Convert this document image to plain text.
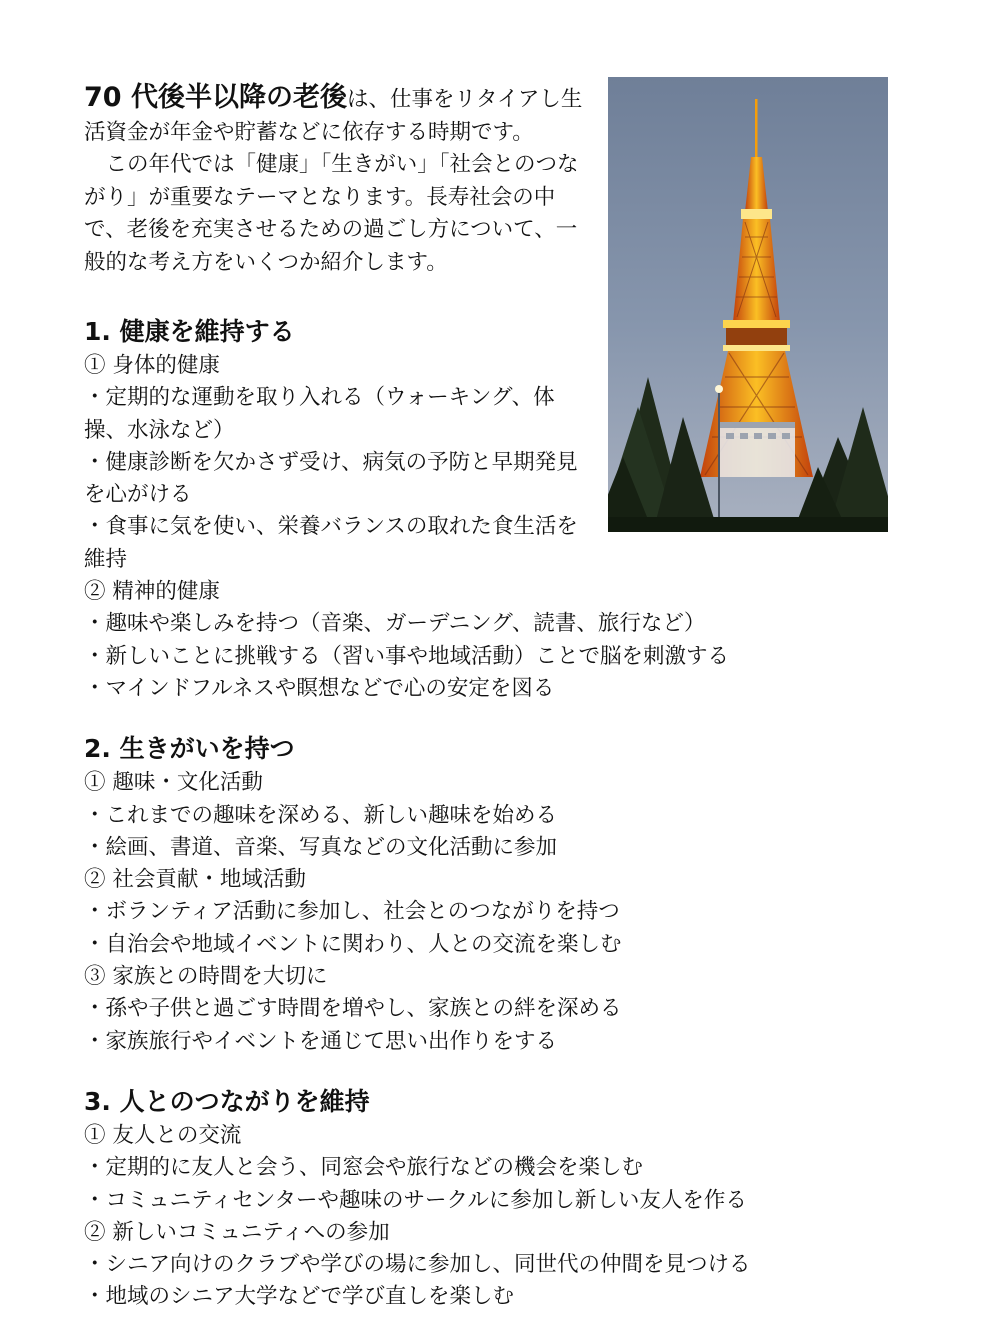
70 代後半以降の老後は、仕事をリタイアし生活資金が年金や貯蓄などに依存する時期です。

この年代では「健康」「生きがい」「社会とのつながり」が重要なテーマとなります。長寿社会の中で、老後を充実させるための過ごし方について、一般的な考え方をいくつか紹介します。

1. 健康を維持する

① 身体的健康

・定期的な運動を取り入れる（ウォーキング、体操、水泳など）

・健康診断を欠かさず受け、病気の予防と早期発見を心がける

・食事に気を使い、栄養バランスの取れた食生活を維持

② 精神的健康

・趣味や楽しみを持つ（音楽、ガーデニング、読書、旅行など）

・新しいことに挑戦する（習い事や地域活動）ことで脳を刺激する

・マインドフルネスや瞑想などで心の安定を図る

2. 生きがいを持つ

① 趣味・文化活動

・これまでの趣味を深める、新しい趣味を始める

・絵画、書道、音楽、写真などの文化活動に参加

② 社会貢献・地域活動

・ボランティア活動に参加し、社会とのつながりを持つ

・自治会や地域イベントに関わり、人との交流を楽しむ

③ 家族との時間を大切に

・孫や子供と過ごす時間を増やし、家族との絆を深める

・家族旅行やイベントを通じて思い出作りをする

3. 人とのつながりを維持

① 友人との交流

・定期的に友人と会う、同窓会や旅行などの機会を楽しむ

・コミュニティセンターや趣味のサークルに参加し新しい友人を作る

② 新しいコミュニティへの参加

・シニア向けのクラブや学びの場に参加し、同世代の仲間を見つける

・地域のシニア大学などで学び直しを楽しむ
